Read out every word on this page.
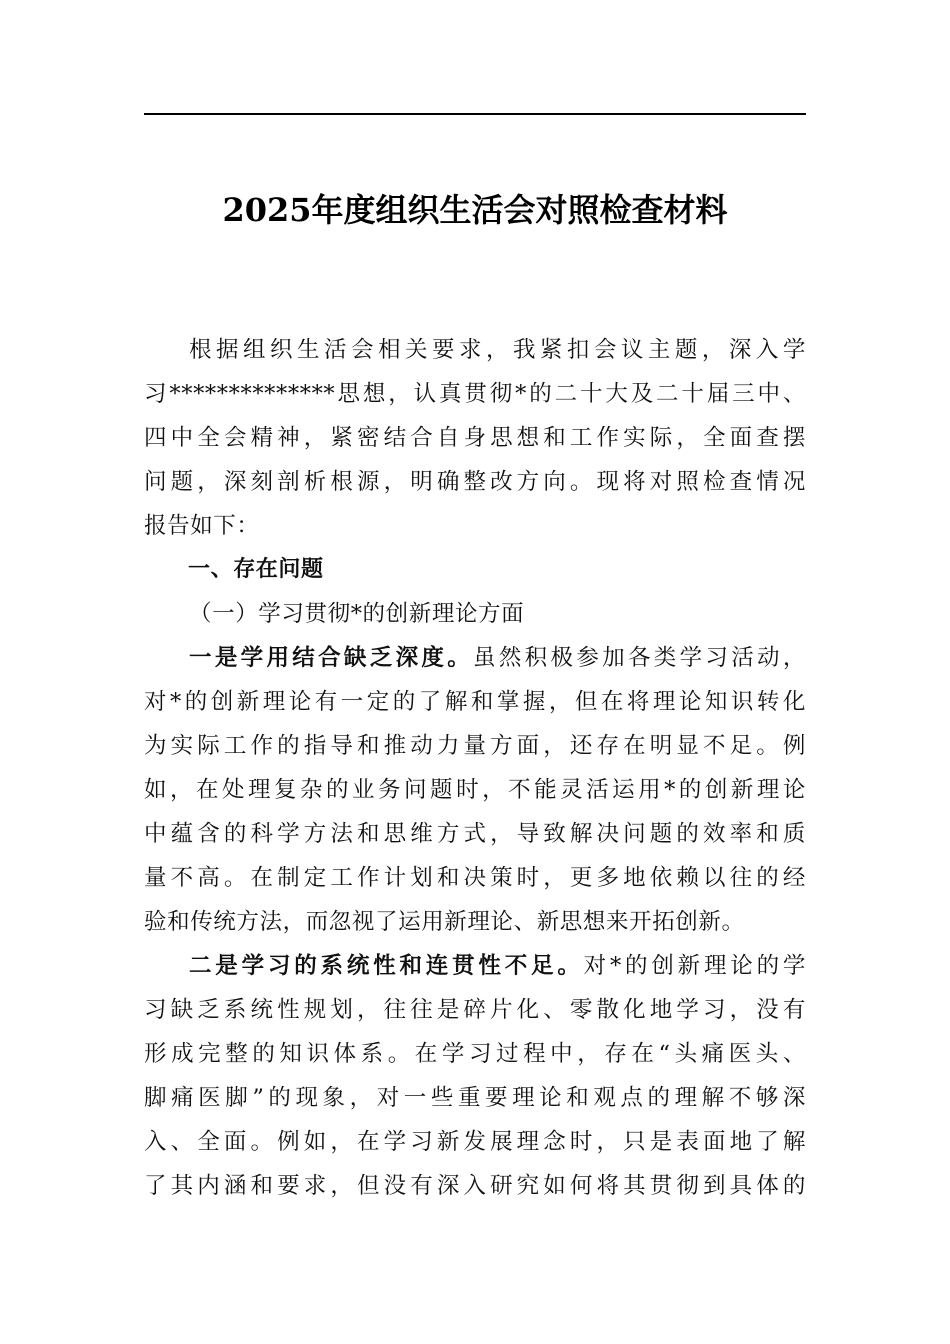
2025年度组织生活会对照检查材料

根据组织生活会相关要求，我紧扣会议主题，深入学
习**************思想，认真贯彻*的二十大及二十届三中、
四中全会精神，紧密结合自身思想和工作实际，全面查摆
问题，深刻剖析根源，明确整改方向。现将对照检查情况
报告如下：

一、存在问题

（一）学习贯彻*的创新理论方面

一是学用结合缺乏深度。虽然积极参加各类学习活动，
对*的创新理论有一定的了解和掌握，但在将理论知识转化
为实际工作的指导和推动力量方面，还存在明显不足。例
如，在处理复杂的业务问题时，不能灵活运用*的创新理论
中蕴含的科学方法和思维方式，导致解决问题的效率和质
量不高。在制定工作计划和决策时，更多地依赖以往的经
验和传统方法，而忽视了运用新理论、新思想来开拓创新。

二是学习的系统性和连贯性不足。对*的创新理论的学
习缺乏系统性规划，往往是碎片化、零散化地学习，没有
形成完整的知识体系。在学习过程中，存在“头痛医头、
脚痛医脚”的现象，对一些重要理论和观点的理解不够深
入、全面。例如，在学习新发展理念时，只是表面地了解
了其内涵和要求，但没有深入研究如何将其贯彻到具体的
